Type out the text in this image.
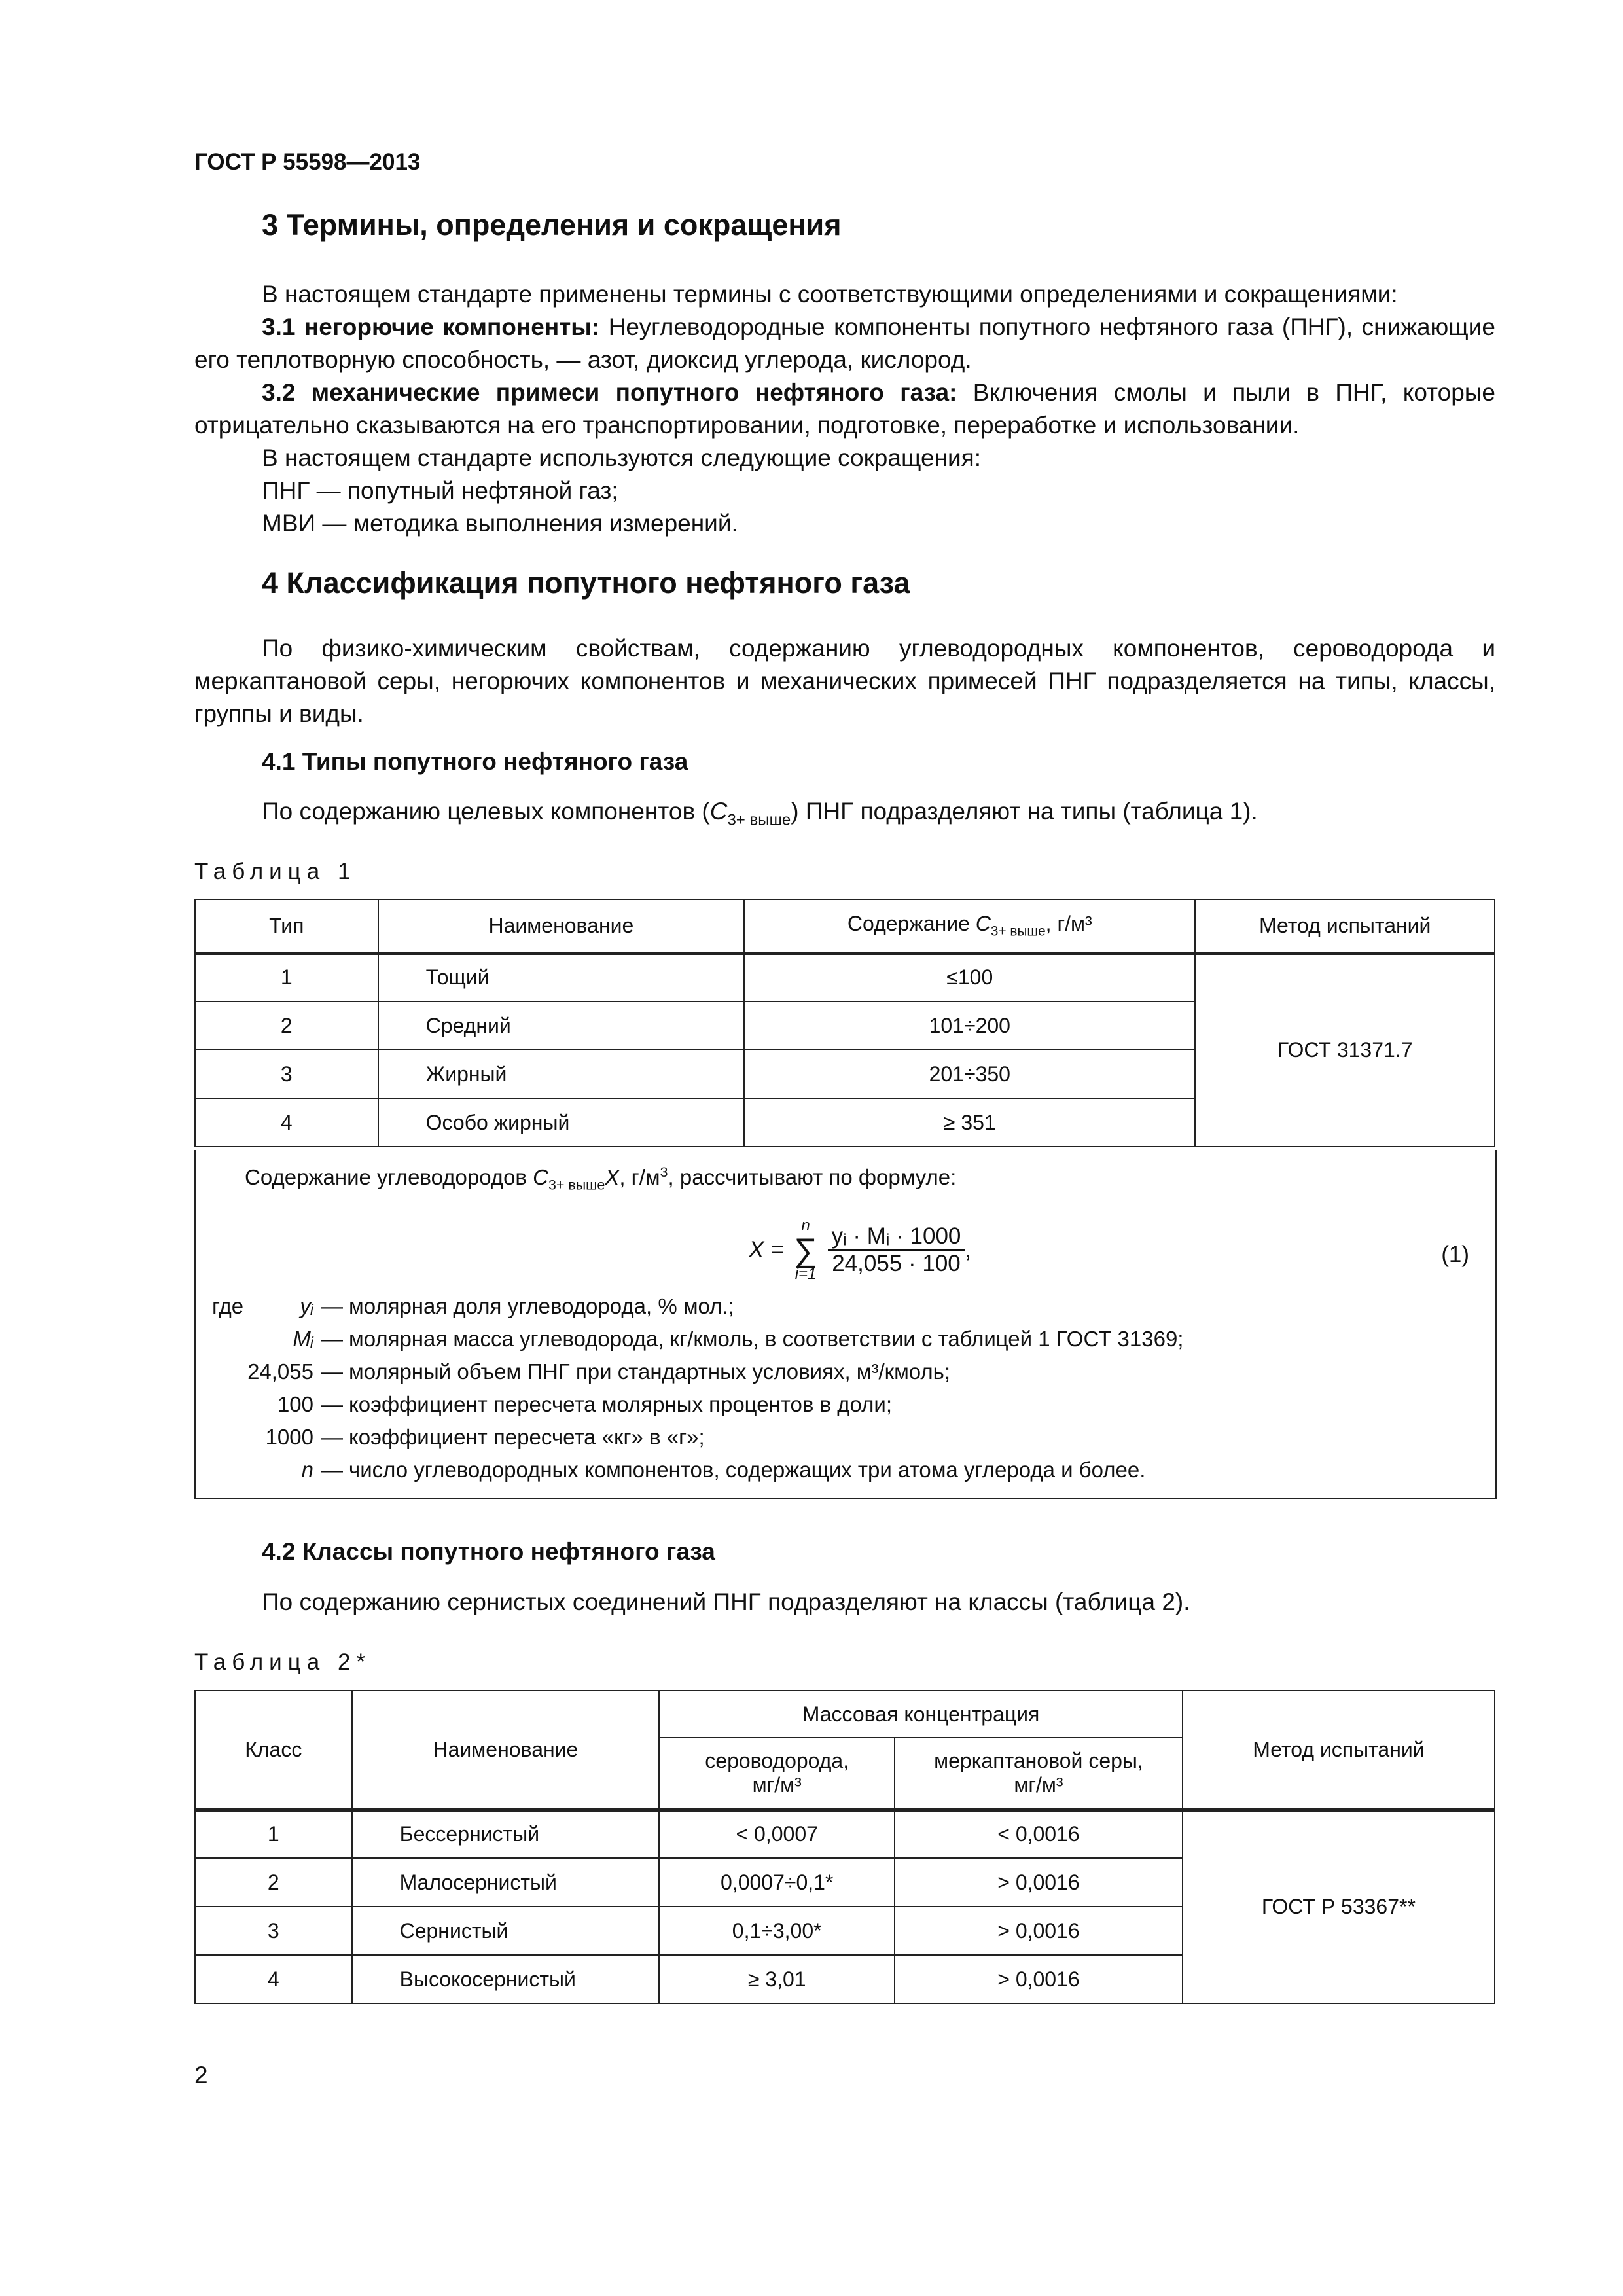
ГОСТ Р 55598—2013
3 Термины, определения и сокращения

В настоящем стандарте применены термины с соответствующими определениями и сокращениями:

3.1 негорючие компоненты: Неуглеводородные компоненты попутного нефтяного газа (ПНГ), снижающие его теплотворную способность, — азот, диоксид углерода, кислород.

3.2 механические примеси попутного нефтяного газа: Включения смолы и пыли в ПНГ, которые отрицательно сказываются на его транспортировании, подготовке, переработке и использовании.

В настоящем стандарте используются следующие сокращения:

ПНГ — попутный нефтяной газ;

МВИ — методика выполнения измерений.

4 Классификация попутного нефтяного газа

По физико-химическим свойствам, содержанию углеводородных компонентов, сероводорода и меркаптановой серы, негорючих компонентов и механических примесей ПНГ подразделяется на типы, классы, группы и виды.

4.1 Типы попутного нефтяного газа

По содержанию целевых компонентов $(C_{3+ выше})$ ПНГ подразделяют на типы (таблица 1).

Таблица 1
Тип	Наименование	Содержание $C_{3+ выше}$, г/м³	Метод испытаний
1	Тощий	≤100	ГОСТ 31371.7
2	Средний	101÷200	
3	Жирный	201÷350	
4	Особо жирный	≥ 351	
Содержание углеводородов $C_{3+ выше}X$, $г/м^3$, рассчитывают по формуле:
X =
n
∑
i=1
$\frac{\text{yᵢ · Mᵢ · 1000}}{24,055 \cdot 100}$ ,	(1)
где	yᵢ — молярная доля углеводорода, % мол.;
Mᵢ — молярная масса углеводорода, кг/кмоль, в соответствии с таблицей 1 ГОСТ 31369;
24,055 — молярный объем ПНГ при стандартных условиях, м³/кмоль;
100 — коэффициент пересчета молярных процентов в доли;
1000 — коэффициент пересчета «кг» в «г»;
n — число углеводородных компонентов, содержащих три атома углерода и более.
4.2 Классы попутного нефтяного газа

По содержанию сернистых соединений ПНГ подразделяют на классы (таблица 2).

Таблица 2*
Класс	Наименование	Массовая концентрация		Метод испытаний
		сероводорода, мг/м³	меркаптановой серы, мг/м³	
1	Бессернистый	< 0,0007	< 0,0016	ГОСТ Р 53367**
2	Малосернистый	0,0007÷0,1*	> 0,0016	
3	Сернистый	0,1÷3,00*	> 0,0016	
4	Высокосернистый	≥ 3,01	> 0,0016	
2
